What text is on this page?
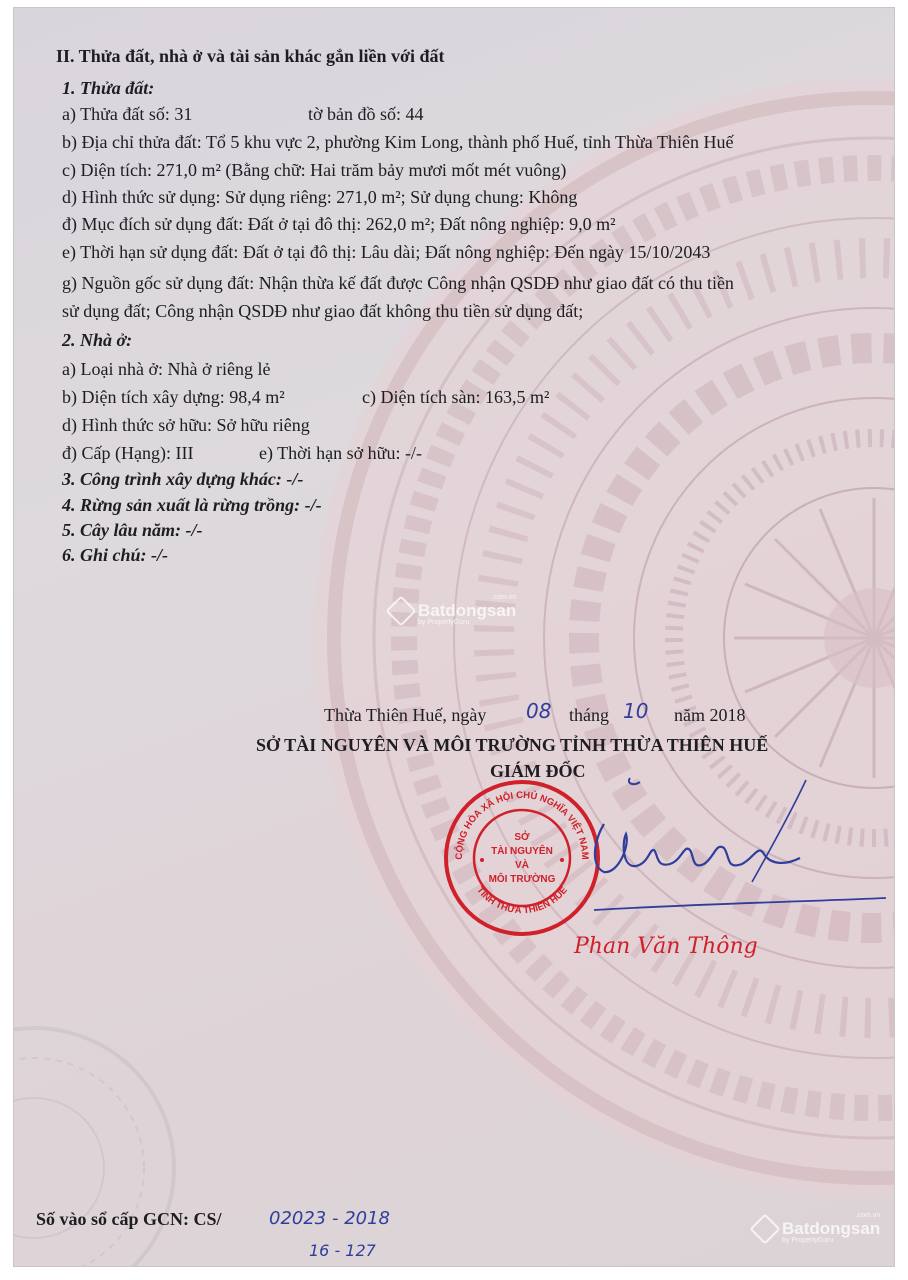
II. Thửa đất, nhà ở và tài sản khác gắn liền với đất
1. Thửa đất:
a) Thửa đất số: 31	tờ bản đồ số: 44
b) Địa chỉ thửa đất: Tổ 5 khu vực 2, phường Kim Long, thành phố Huế, tỉnh Thừa Thiên Huế
c) Diện tích: 271,0 m² (Bằng chữ: Hai trăm bảy mươi mốt mét vuông)
d) Hình thức sử dụng: Sử dụng riêng: 271,0 m²; Sử dụng chung: Không
đ) Mục đích sử dụng đất: Đất ở tại đô thị: 262,0 m²; Đất nông nghiệp: 9,0 m²
e) Thời hạn sử dụng đất: Đất ở tại đô thị: Lâu dài; Đất nông nghiệp: Đến ngày 15/10/2043
g) Nguồn gốc sử dụng đất: Nhận thừa kế đất được Công nhận QSDĐ như giao đất có thu tiền
sử dụng đất; Công nhận QSDĐ như giao đất không thu tiền sử dụng đất;
2. Nhà ở:
a) Loại nhà ở: Nhà ở riêng lẻ
b) Diện tích xây dựng: 98,4 m²	c) Diện tích sàn: 163,5 m²
d) Hình thức sở hữu: Sở hữu riêng
đ) Cấp (Hạng): III	e) Thời hạn sở hữu: -/-
3. Công trình xây dựng khác: -/-
4. Rừng sản xuất là rừng trồng: -/-
5. Cây lâu năm: -/-
6. Ghi chú: -/-
.com.vn
Batdongsan
by PropertyGuru
Thừa Thiên Huế, ngày 08 tháng 10 năm 2018
SỞ TÀI NGUYÊN VÀ MÔI TRƯỜNG TỈNH THỪA THIÊN HUẾ
GIÁM ĐỐC
CỘNG HÒA XÃ HỘI CHỦ NGHĨA VIỆT NAM
TỈNH THỪA THIÊN HUẾ
SỞ
TÀI NGUYÊN
VÀ
MÔI TRƯỜNG
Phan Văn Thông
Số vào sổ cấp GCN: CS/	02023 - 2018
16 - 127
.com.vn
Batdongsan
by PropertyGuru
